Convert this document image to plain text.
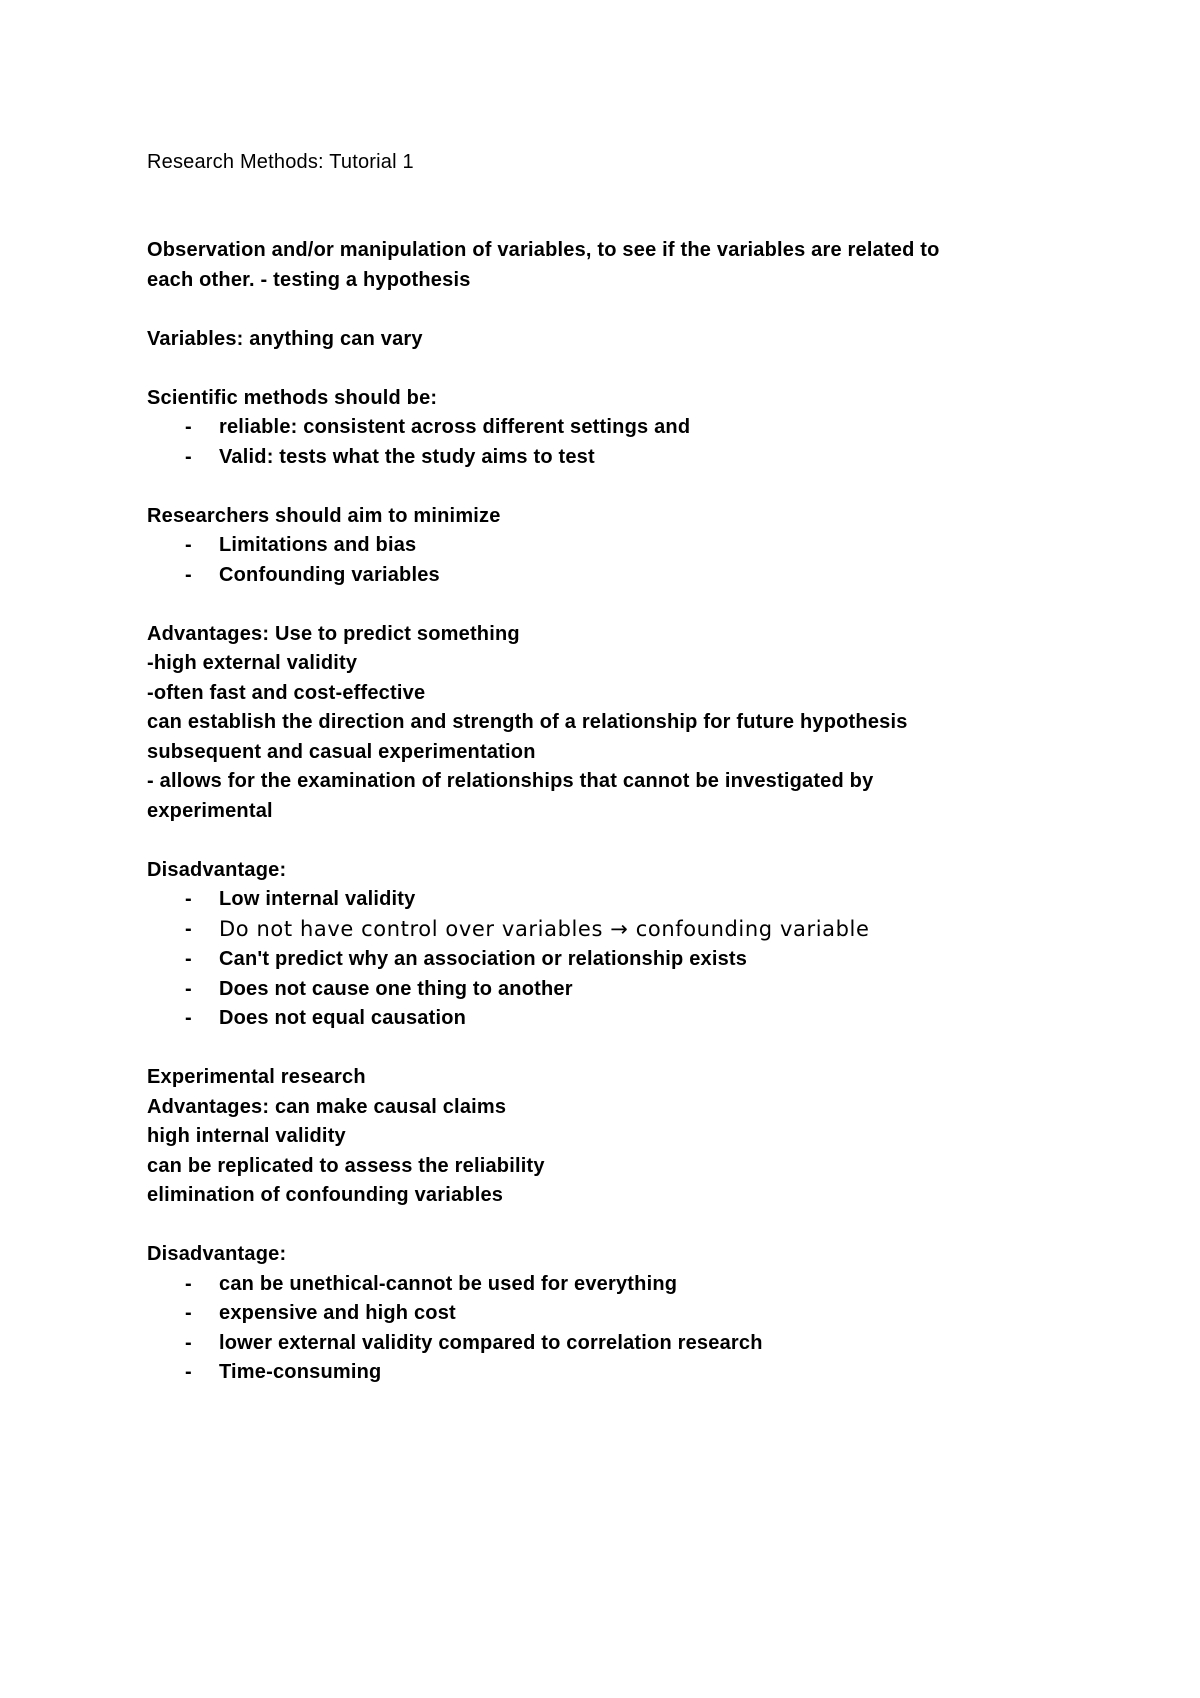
Research Methods: Tutorial 1

Observation and/or manipulation of variables, to see if the variables are related to
each other. - testing a hypothesis
Variables: anything can vary
Scientific methods should be:
- reliable: consistent across different settings and
- Valid: tests what the study aims to test
Researchers should aim to minimize
- Limitations and bias
- Confounding variables
Advantages: Use to predict something
-high external validity
-often fast and cost-effective
can establish the direction and strength of a relationship for future hypothesis
subsequent and casual experimentation
- allows for the examination of relationships that cannot be investigated by
experimental
Disadvantage:
- Low internal validity
- Do not have control over variables → confounding variable
- Can't predict why an association or relationship exists
- Does not cause one thing to another
- Does not equal causation
Experimental research
Advantages: can make causal claims
high internal validity
can be replicated to assess the reliability
elimination of confounding variables
Disadvantage:
- can be unethical-cannot be used for everything
- expensive and high cost
- lower external validity compared to correlation research
- Time-consuming
